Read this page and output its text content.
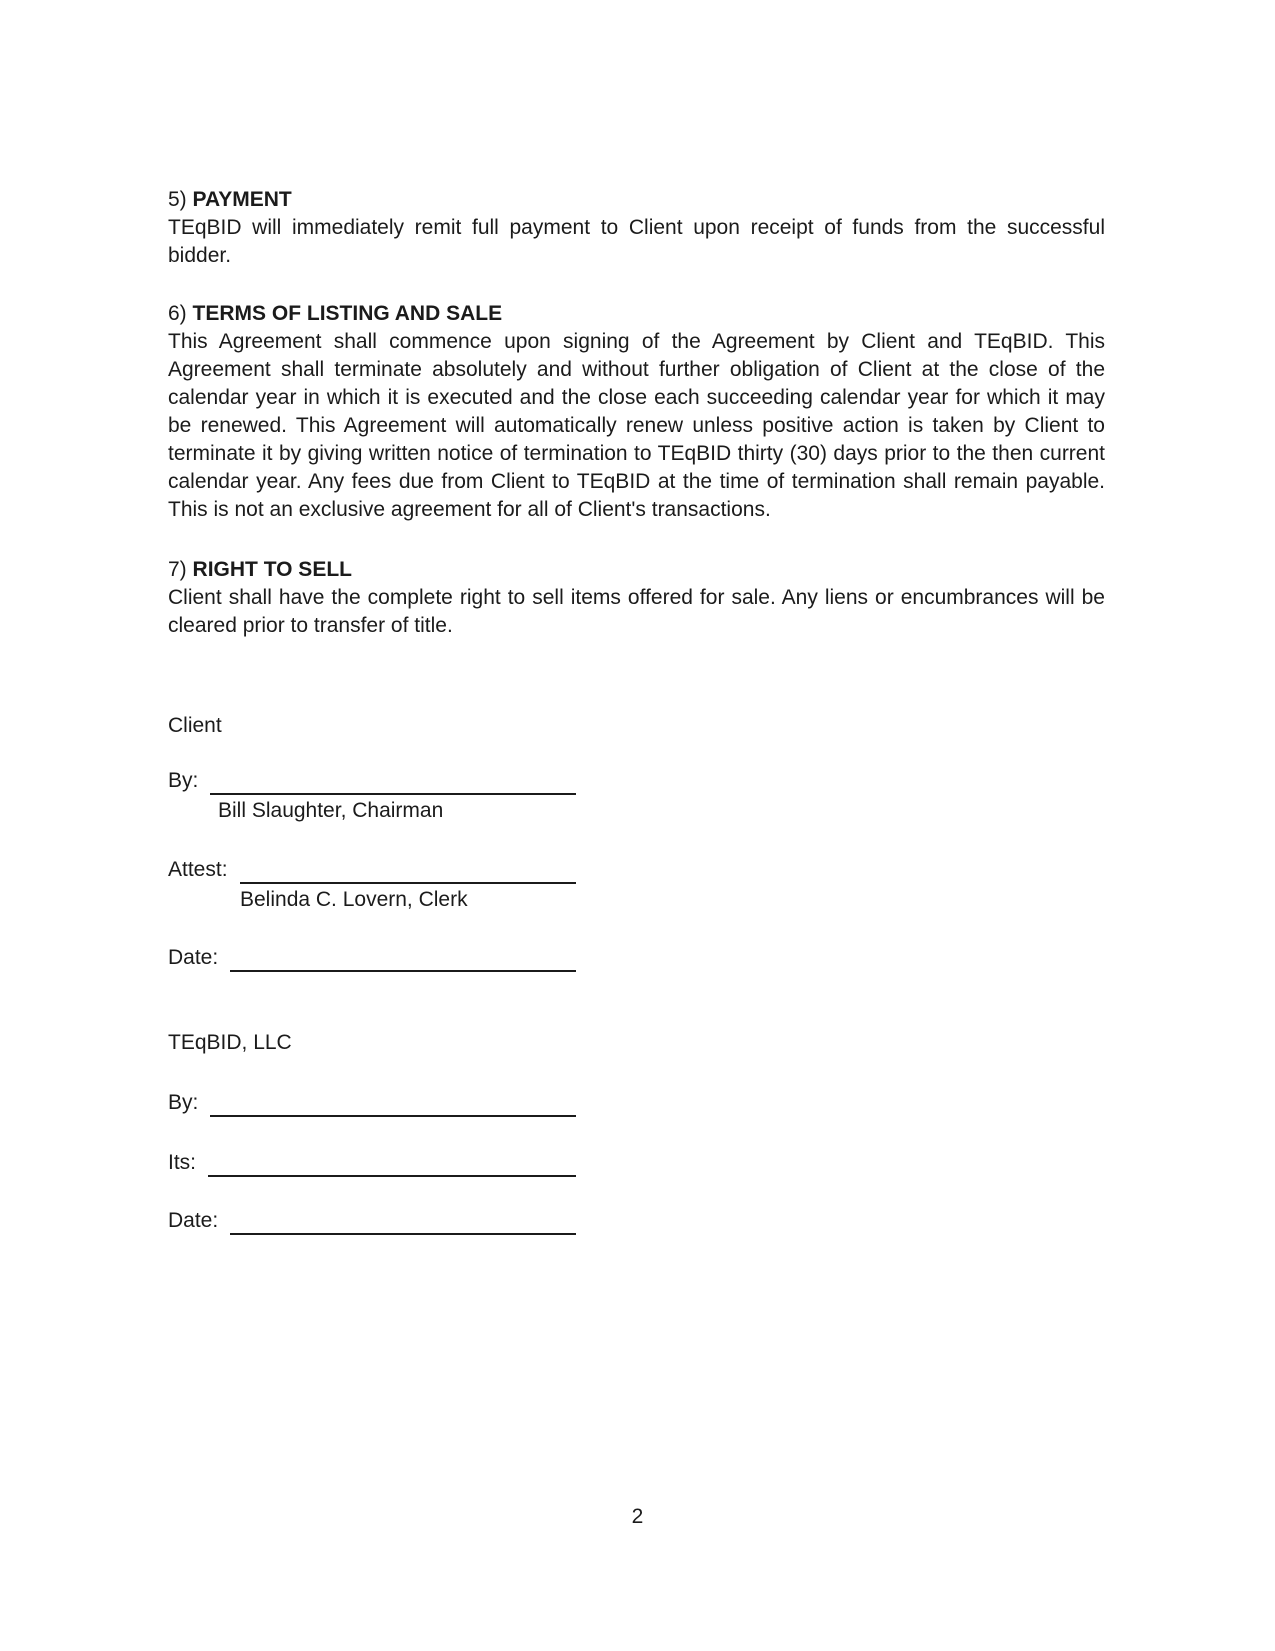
5) PAYMENT

TEqBID will immediately remit full payment to Client upon receipt of funds from the successful bidder.

6) TERMS OF LISTING AND SALE

This Agreement shall commence upon signing of the Agreement by Client and TEqBID. This Agreement shall terminate absolutely and without further obligation of Client at the close of the calendar year in which it is executed and the close each succeeding calendar year for which it may be renewed. This Agreement will automatically renew unless positive action is taken by Client to terminate it by giving written notice of termination to TEqBID thirty (30) days prior to the then current calendar year. Any fees due from Client to TEqBID at the time of termination shall remain payable. This is not an exclusive agreement for all of Client's transactions.

7) RIGHT TO SELL

Client shall have the complete right to sell items offered for sale. Any liens or encumbrances will be cleared prior to transfer of title.

Client
By:
Bill Slaughter, Chairman
Attest:
Belinda C. Lovern, Clerk
Date:
TEqBID, LLC
By:
Its:
Date:
2
